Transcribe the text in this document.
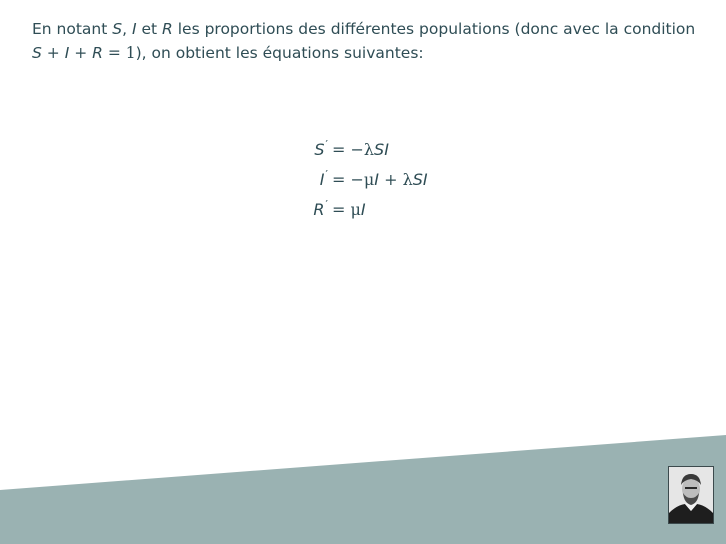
En notant S, I et R les proportions des différentes populations (donc avec la condition
S + I + R = 1), on obtient les équations suivantes:
S′ = −λSI
I′ = −μI + λSI
R′ = μI
